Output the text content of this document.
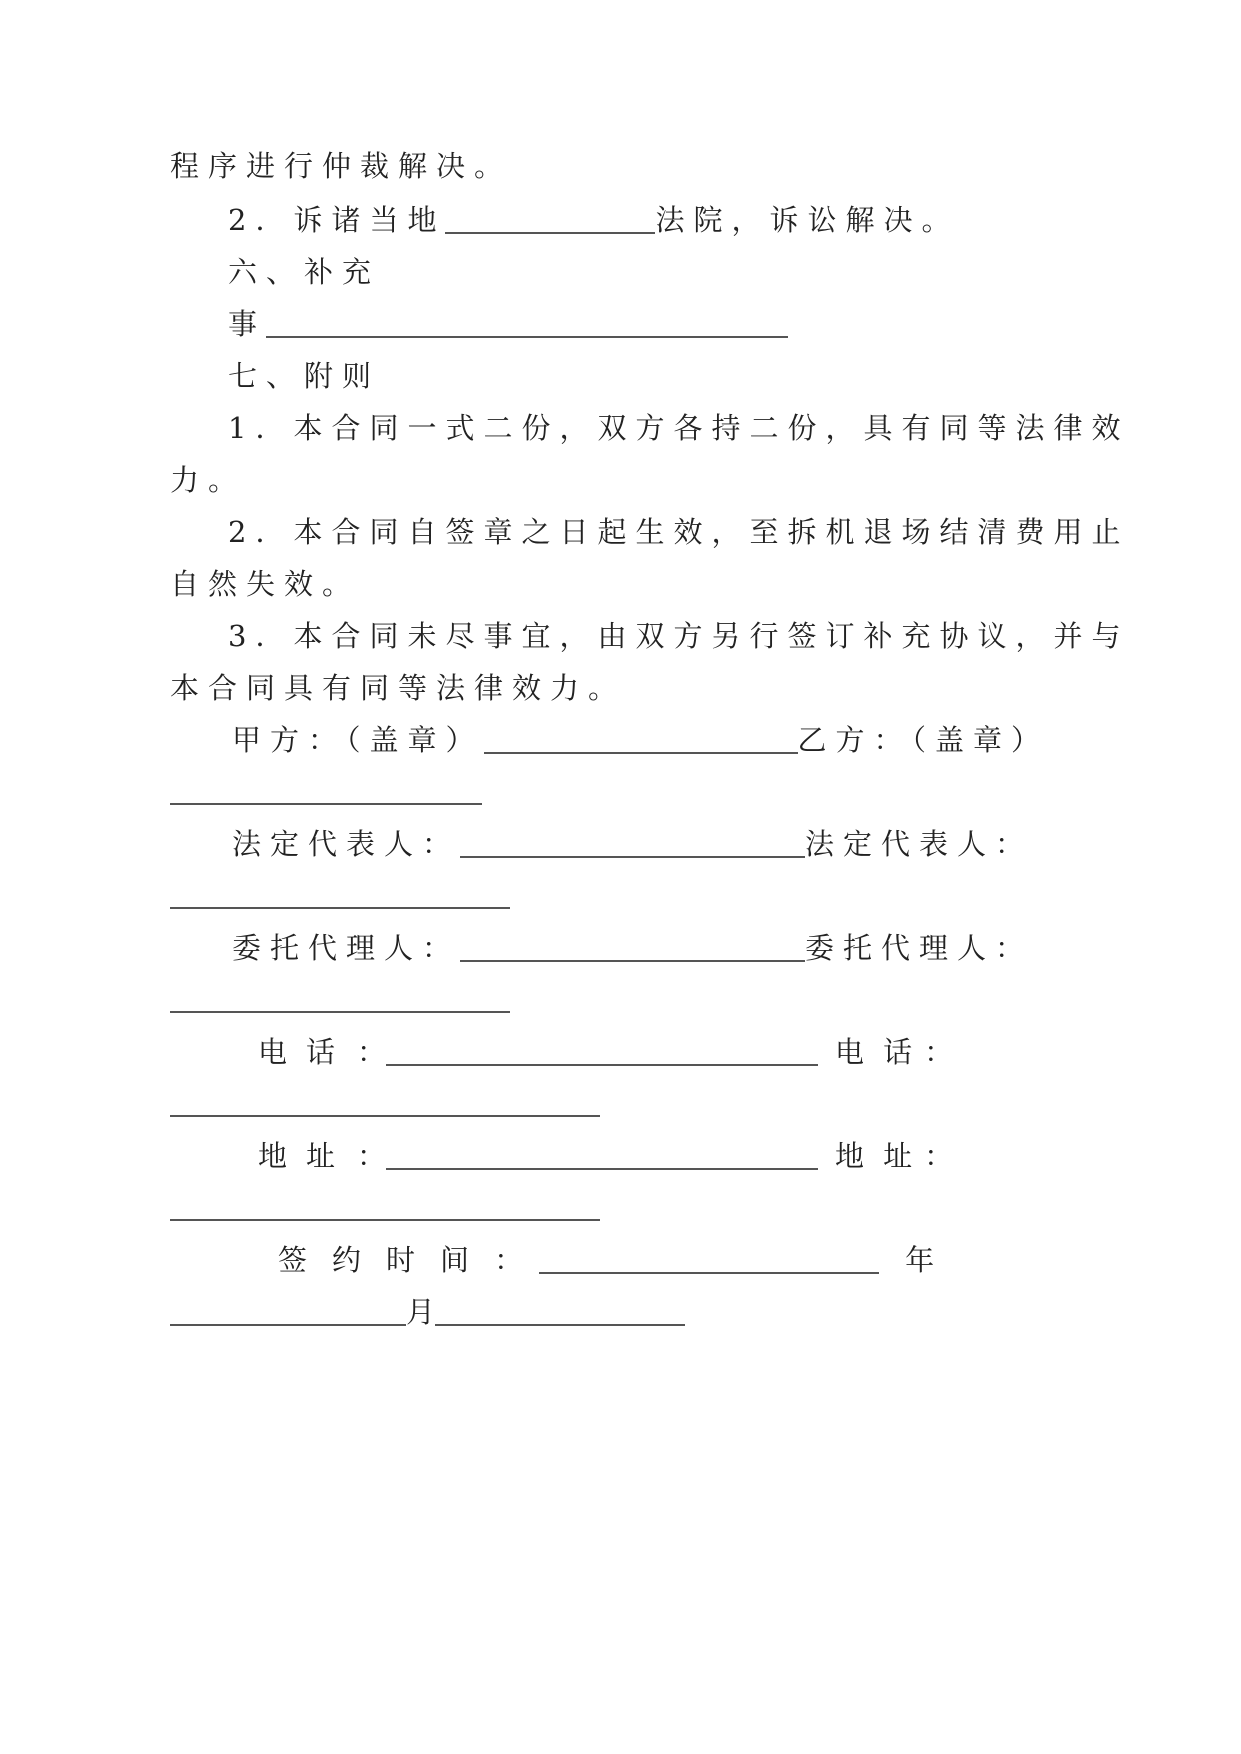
程序进行仲裁解决。

2．诉诸当地	法院，诉讼解决。

六、补充

事

七、附则

1．本合同一式二份，双方各持二份，具有同等法律效

力。

2．本合同自签章之日起生效，至拆机退场结清费用止

自然失效。

3．本合同未尽事宜，由双方另行签订补充协议，并与

本合同具有同等法律效力。

甲方：（盖章）	乙方：（盖章）

法定代表人：	法定代表人：

委托代理人：	委托代理人：

电 话 ：	电 话 ：

地 址 ：	地 址 ：

签 约 时 间 ：	年

月
